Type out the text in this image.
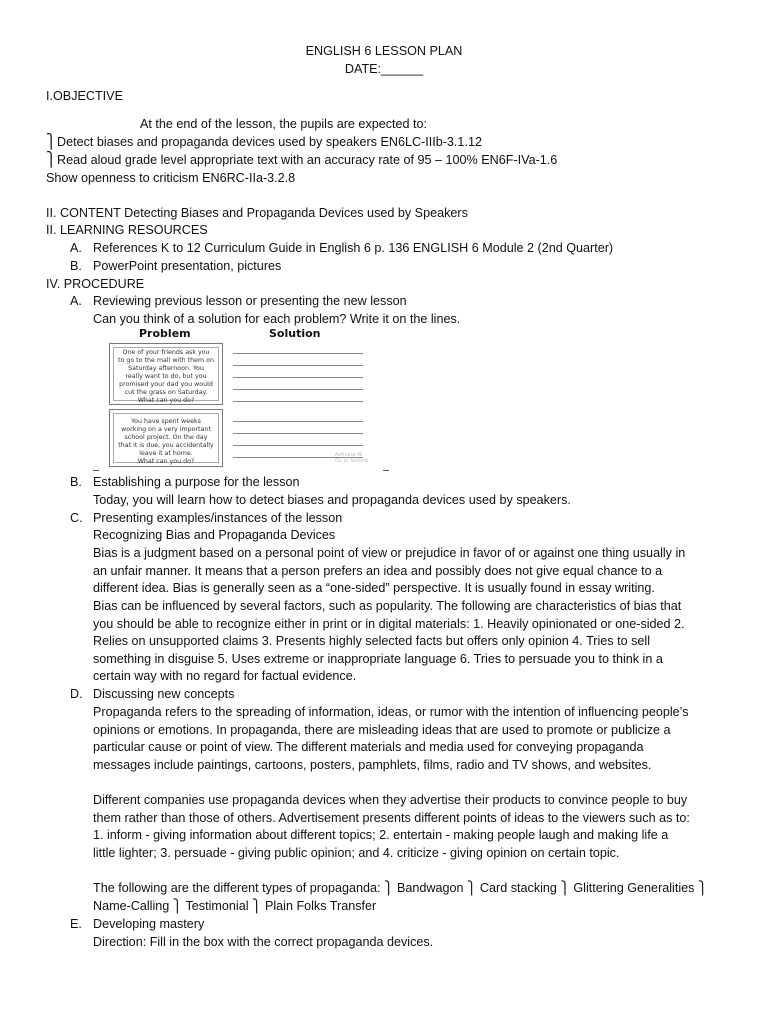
ENGLISH 6 LESSON PLAN
DATE:______
I.OBJECTIVE
At the end of the lesson, the pupils are expected to:
⎫Detect biases and propaganda devices used by speakers EN6LC-IIIb-3.1.12
⎫Read aloud grade level appropriate text with an accuracy rate of 95 – 100% EN6F-IVa-1.6
Show openness to criticism EN6RC-IIa-3.2.8
II. CONTENT Detecting Biases and Propaganda Devices used by Speakers
II. LEARNING RESOURCES
A. References K to 12 Curriculum Guide in English 6 p. 136 ENGLISH 6 Module 2 (2nd Quarter)
B. PowerPoint presentation, pictures
IV. PROCEDURE
A. Reviewing previous lesson or presenting the new lesson
Can you think of a solution for each problem? Write it on the lines.
Problem	Solution
One of your friends ask you
to go to the mall with them on
Saturday afternoon. You
really want to do, but you
promised your dad you would
cut the grass on Saturday.
What can you do?
You have spent weeks
working on a very important
school project. On the day
that it is due, you accidentally
leave it at home.
What can you do?
Activate W
Go to Setting
B. Establishing a purpose for the lesson
Today, you will learn how to detect biases and propaganda devices used by speakers.
C. Presenting examples/instances of the lesson
Recognizing Bias and Propaganda Devices
Bias is a judgment based on a personal point of view or prejudice in favor of or against one thing usually in
an unfair manner. It means that a person prefers an idea and possibly does not give equal chance to a
different idea. Bias is generally seen as a “one-sided” perspective. It is usually found in essay writing.
Bias can be influenced by several factors, such as popularity. The following are characteristics of bias that
you should be able to recognize either in print or in digital materials: 1. Heavily opinionated or one-sided 2.
Relies on unsupported claims 3. Presents highly selected facts but offers only opinion 4. Tries to sell
something in disguise 5. Uses extreme or inappropriate language 6. Tries to persuade you to think in a
certain way with no regard for factual evidence.
D. Discussing new concepts
Propaganda refers to the spreading of information, ideas, or rumor with the intention of influencing people’s
opinions or emotions. In propaganda, there are misleading ideas that are used to promote or publicize a
particular cause or point of view. The different materials and media used for conveying propaganda
messages include paintings, cartoons, posters, pamphlets, films, radio and TV shows, and websites.
Different companies use propaganda devices when they advertise their products to convince people to buy
them rather than those of others. Advertisement presents different points of ideas to the viewers such as to:
1. inform - giving information about different topics; 2. entertain - making people laugh and making life a
little lighter; 3. persuade - giving public opinion; and 4. criticize - giving opinion on certain topic.
The following are the different types of propaganda: ⎫ Bandwagon ⎫ Card stacking ⎫ Glittering Generalities ⎫
Name-Calling ⎫ Testimonial ⎫ Plain Folks Transfer
E. Developing mastery
Direction: Fill in the box with the correct propaganda devices.
